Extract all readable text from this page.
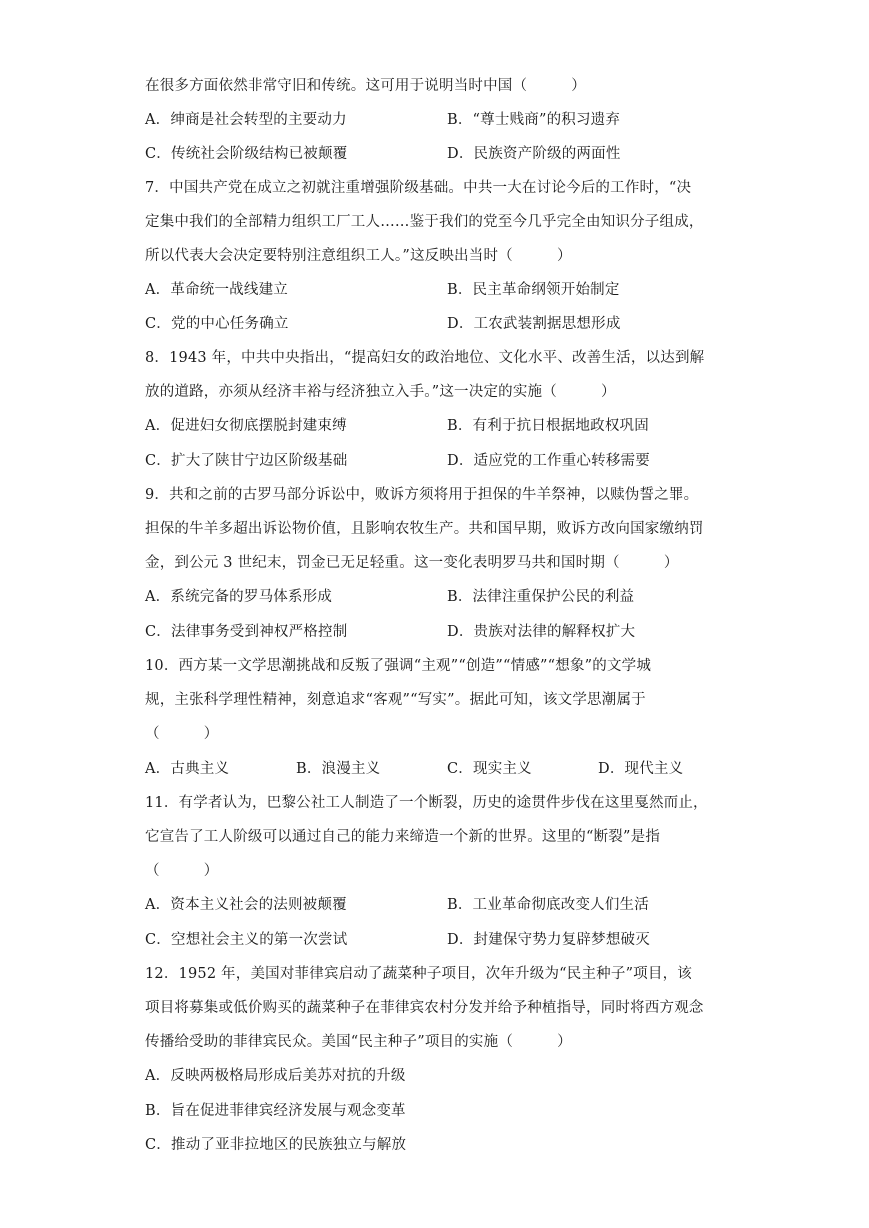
在很多方面依然非常守旧和传统。这可用于说明当时中国（　　　）
A．绅商是社会转型的主要动力	B．“尊士贱商”的积习遗弃
C．传统社会阶级结构已被颠覆	D．民族资产阶级的两面性
7．中国共产党在成立之初就注重增强阶级基础。中共一大在讨论今后的工作时，“决
定集中我们的全部精力组织工厂工人……鉴于我们的党至今几乎完全由知识分子组成，
所以代表大会决定要特别注意组织工人。”这反映出当时（　　　）
A．革命统一战线建立	B．民主革命纲领开始制定
C．党的中心任务确立	D．工农武装割据思想形成
8．1943 年，中共中央指出，“提高妇女的政治地位、文化水平、改善生活，以达到解
放的道路，亦须从经济丰裕与经济独立入手。”这一决定的实施（　　　）
A．促进妇女彻底摆脱封建束缚	B．有利于抗日根据地政权巩固
C．扩大了陕甘宁边区阶级基础	D．适应党的工作重心转移需要
9．共和之前的古罗马部分诉讼中，败诉方须将用于担保的牛羊祭神，以赎伪誓之罪。
担保的牛羊多超出诉讼物价值，且影响农牧生产。共和国早期，败诉方改向国家缴纳罚
金，到公元 3 世纪末，罚金已无足轻重。这一变化表明罗马共和国时期（　　　）
A．系统完备的罗马体系形成	B．法律注重保护公民的利益
C．法律事务受到神权严格控制	D．贵族对法律的解释权扩大
10．西方某一文学思潮挑战和反叛了强调“主观”“创造”“情感”“想象”的文学城
规，主张科学理性精神，刻意追求“客观”“写实”。据此可知，该文学思潮属于
（　　　）
A．古典主义	B．浪漫主义	C．现实主义	D．现代主义
11．有学者认为，巴黎公社工人制造了一个断裂，历史的途贯件步伐在这里戛然而止，
它宣告了工人阶级可以通过自己的能力来缔造一个新的世界。这里的“断裂”是指
（　　　）
A．资本主义社会的法则被颠覆	B．工业革命彻底改变人们生活
C．空想社会主义的第一次尝试	D．封建保守势力复辟梦想破灭
12．1952 年，美国对菲律宾启动了蔬菜种子项目，次年升级为“民主种子”项目，该
项目将募集或低价购买的蔬菜种子在菲律宾农村分发并给予种植指导，同时将西方观念
传播给受助的菲律宾民众。美国“民主种子”项目的实施（　　　）
A．反映两极格局形成后美苏对抗的升级
B．旨在促进菲律宾经济发展与观念变革
C．推动了亚非拉地区的民族独立与解放
